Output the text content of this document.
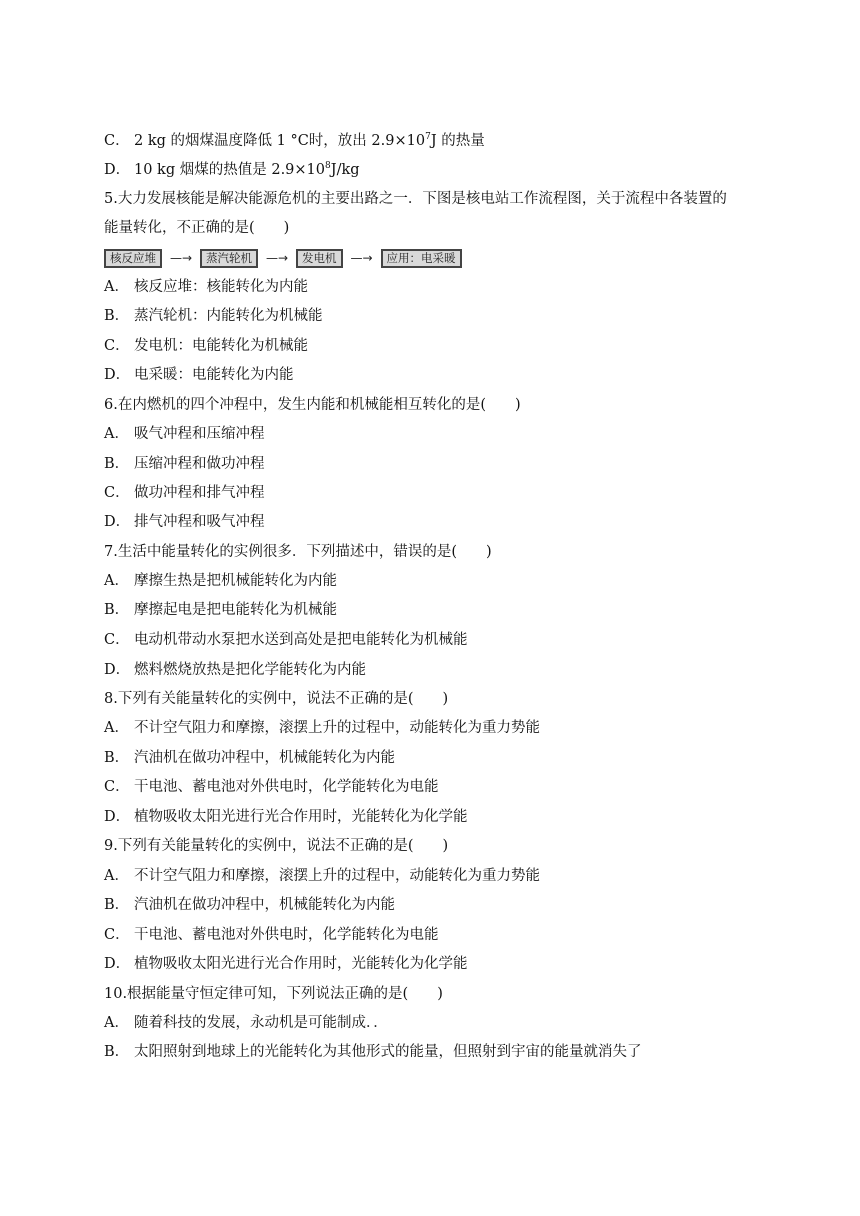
C． 2 kg 的烟煤温度降低 1 °C时，放出 $2.9\times 10^7J$ 的热量
D． 10 kg 烟煤的热值是 $2.9\times 10^8J/kg$
5.大力发展核能是解决能源危机的主要出路之一．下图是核电站工作流程图，关于流程中各装置的
能量转化，不正确的是(　　)
核反应堆	—→	蒸汽轮机	—→	发电机	—→	应用：电采暖
A． 核反应堆：核能转化为内能
B． 蒸汽轮机：内能转化为机械能
C． 发电机：电能转化为机械能
D． 电采暖：电能转化为内能
6.在内燃机的四个冲程中，发生内能和机械能相互转化的是(　　)
A． 吸气冲程和压缩冲程
B． 压缩冲程和做功冲程
C． 做功冲程和排气冲程
D． 排气冲程和吸气冲程
7.生活中能量转化的实例很多．下列描述中，错误的是(　　)
A． 摩擦生热是把机械能转化为内能
B． 摩擦起电是把电能转化为机械能
C． 电动机带动水泵把水送到高处是把电能转化为机械能
D． 燃料燃烧放热是把化学能转化为内能
8.下列有关能量转化的实例中，说法不正确的是(　　)
A． 不计空气阻力和摩擦，滚摆上升的过程中，动能转化为重力势能
B． 汽油机在做功冲程中，机械能转化为内能
C． 干电池、蓄电池对外供电时，化学能转化为电能
D． 植物吸收太阳光进行光合作用时，光能转化为化学能
9.下列有关能量转化的实例中，说法不正确的是(　　)
A． 不计空气阻力和摩擦，滚摆上升的过程中，动能转化为重力势能
B． 汽油机在做功冲程中，机械能转化为内能
C． 干电池、蓄电池对外供电时，化学能转化为电能
D． 植物吸收太阳光进行光合作用时，光能转化为化学能
10.根据能量守恒定律可知，下列说法正确的是(　　)
A． 随着科技的发展，永动机是可能制成．．
B． 太阳照射到地球上的光能转化为其他形式的能量，但照射到宇宙的能量就消失了
